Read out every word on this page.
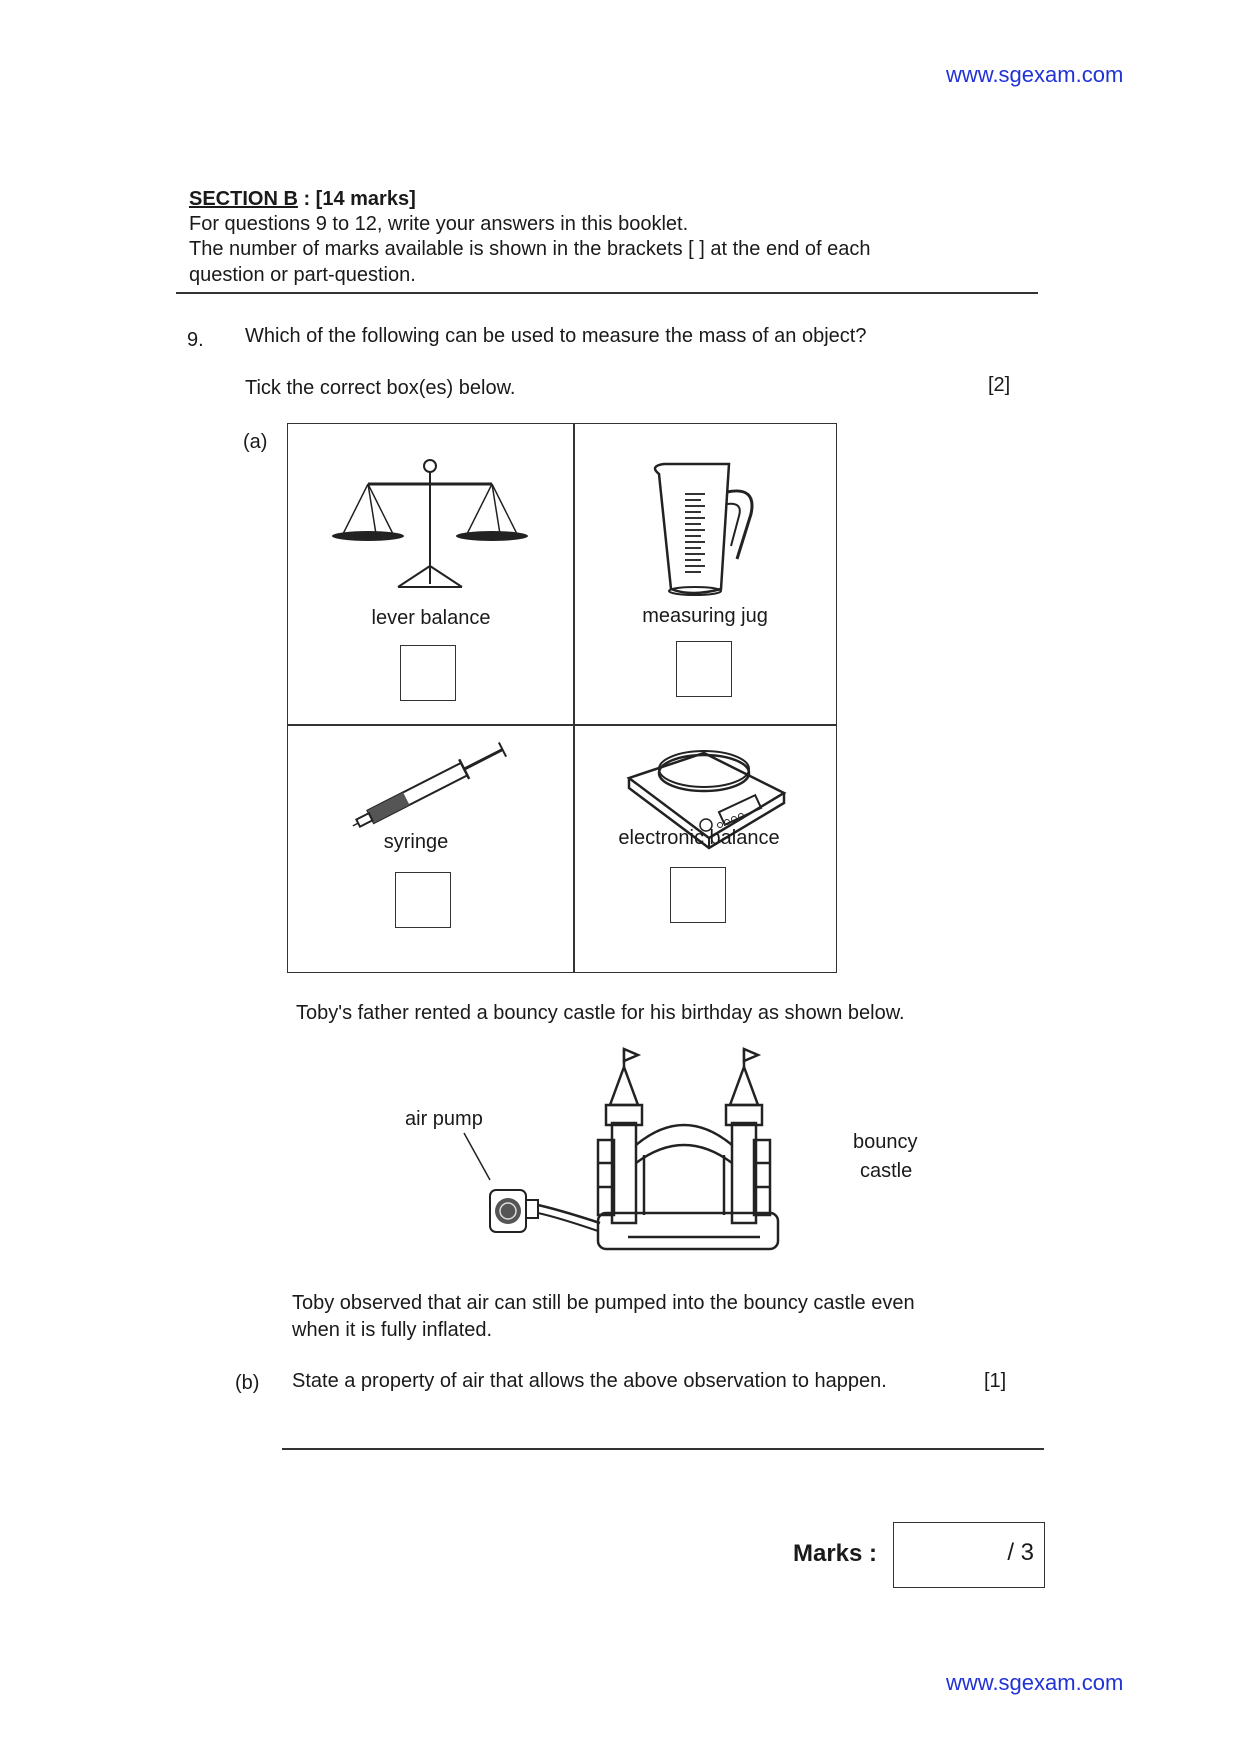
www.sgexam.com
SECTION B : [14 marks]
For questions 9 to 12, write your answers in this booklet.
The number of marks available is shown in the brackets [ ] at the end of each
question or part-question.
9. Which of the following can be used to measure the mass of an object?
Tick the correct box(es) below.	[2]
(a)
lever balance	measuring jug
syringe	electronic balance
Toby's father rented a bouncy castle for his birthday as shown below.
air pump
bouncy
castle
Toby observed that air can still be pumped into the bouncy castle even
when it is fully inflated.
(b) State a property of air that allows the above observation to happen.	[1]
Marks :	/ 3
www.sgexam.com
